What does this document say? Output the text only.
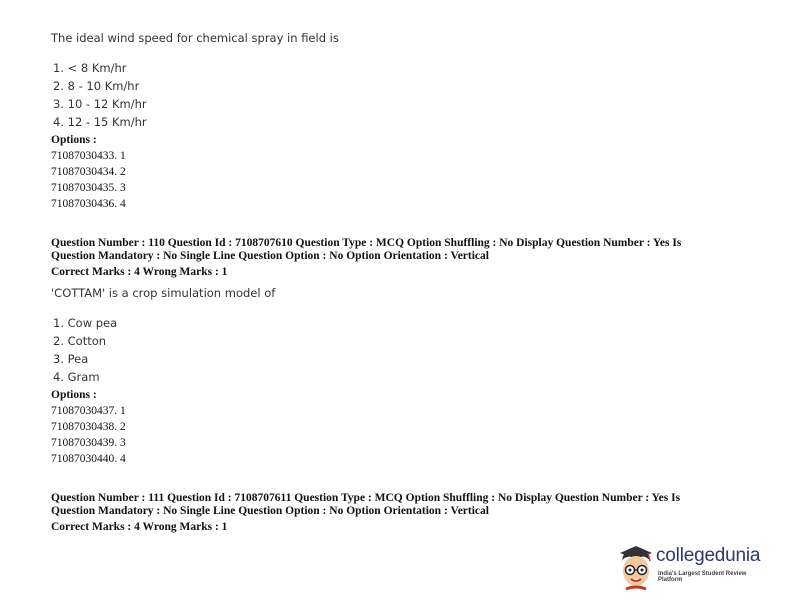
The ideal wind speed for chemical spray in field is
1. < 8 Km/hr
2. 8 - 10 Km/hr
3. 10 - 12 Km/hr
4. 12 - 15 Km/hr
Options :
71087030433. 1
71087030434. 2
71087030435. 3
71087030436. 4
Question Number : 110 Question Id : 7108707610 Question Type : MCQ Option Shuffling : No Display Question Number : Yes Is
Question Mandatory : No Single Line Question Option : No Option Orientation : Vertical
Correct Marks : 4 Wrong Marks : 1
'COTTAM' is a crop simulation model of
1. Cow pea
2. Cotton
3. Pea
4. Gram
Options :
71087030437. 1
71087030438. 2
71087030439. 3
71087030440. 4
Question Number : 111 Question Id : 7108707611 Question Type : MCQ Option Shuffling : No Display Question Number : Yes Is
Question Mandatory : No Single Line Question Option : No Option Orientation : Vertical
Correct Marks : 4 Wrong Marks : 1
collegedunia
India's Largest Student Review Platform
